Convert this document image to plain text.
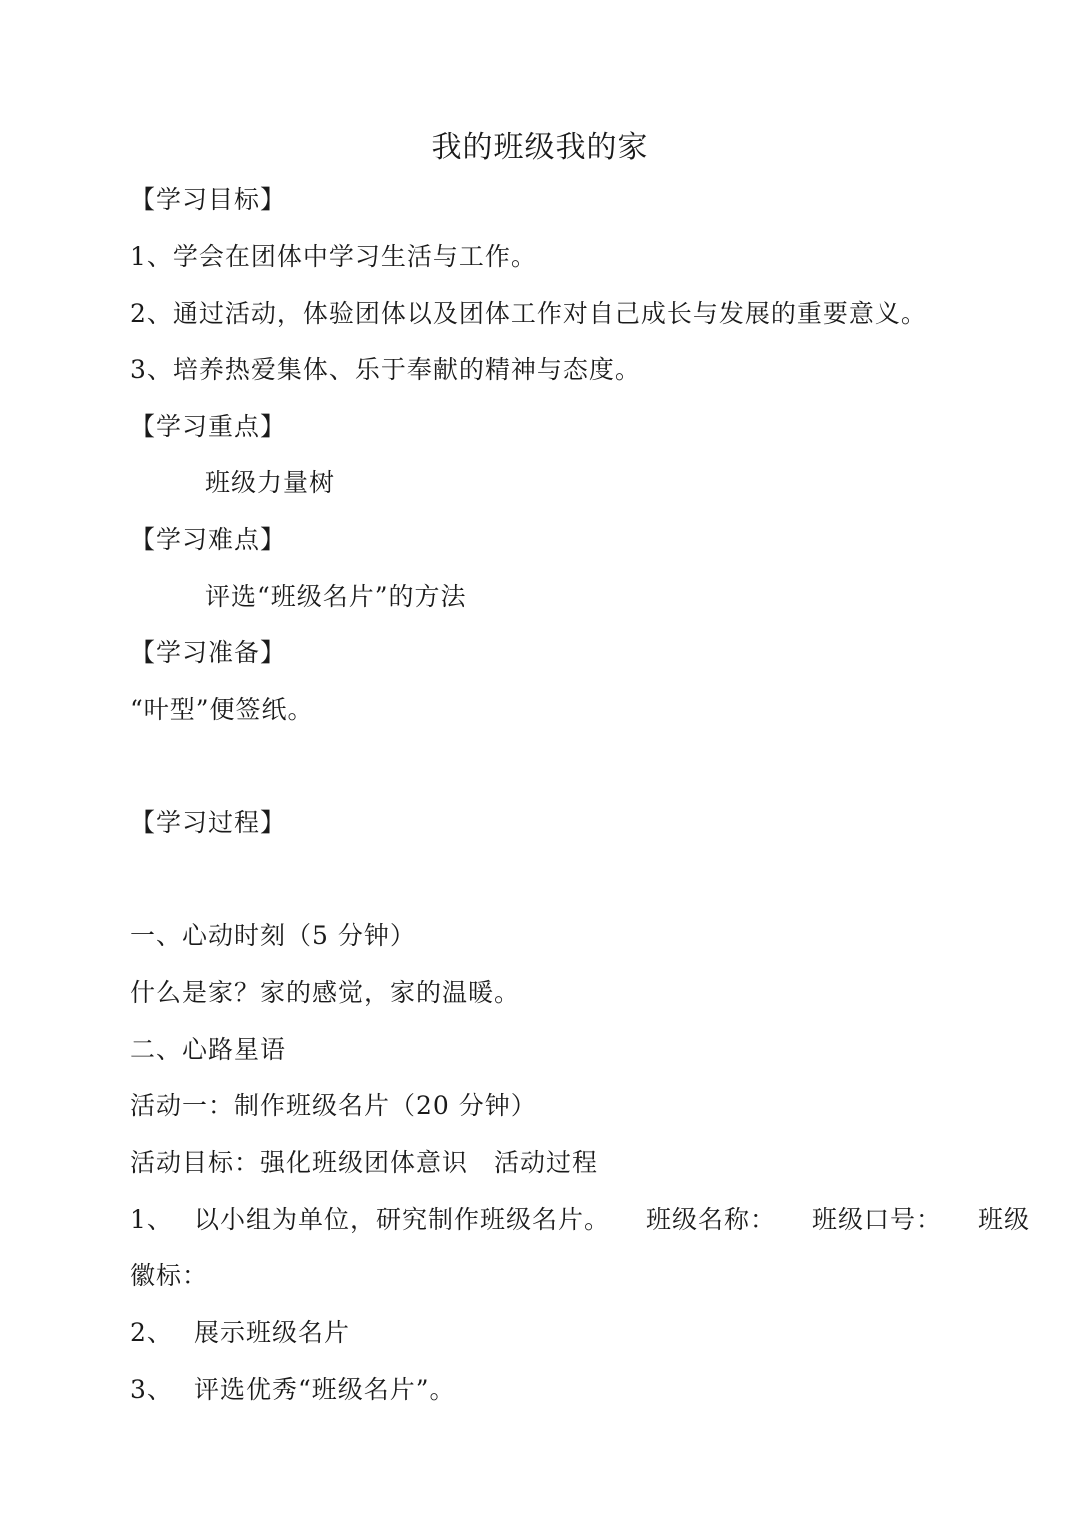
我的班级我的家
【学习目标】
1、学会在团体中学习生活与工作。
2、通过活动，体验团体以及团体工作对自己成长与发展的重要意义。
3、培养热爱集体、乐于奉献的精神与态度。
【学习重点】
班级力量树
【学习难点】
评选“班级名片”的方法
【学习准备】
“叶型”便签纸。
【学习过程】
一、心动时刻（5 分钟）
什么是家？家的感觉，家的温暖。
二、心路星语
活动一：制作班级名片（20 分钟）
活动目标：强化班级团体意识 活动过程
1、 以小组为单位，研究制作班级名片。 班级名称： 班级口号： 班级
徽标：
2、 展示班级名片
3、 评选优秀“班级名片”。
